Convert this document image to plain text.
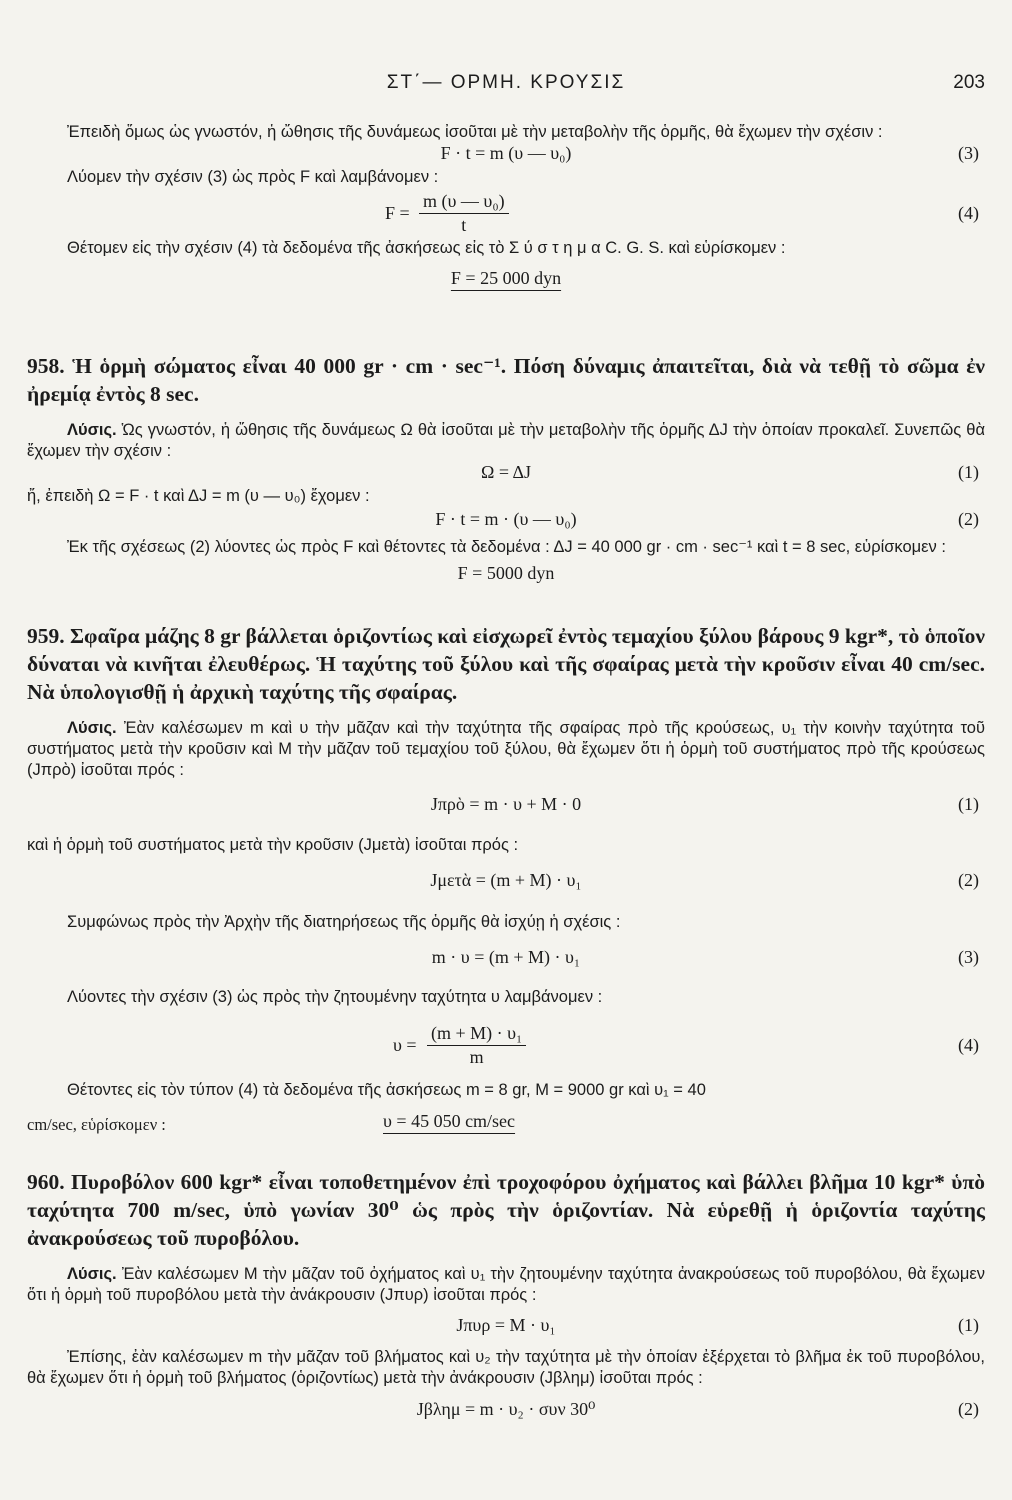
ΣΤ΄— ΟΡΜΗ. ΚΡΟΥΣΙΣ	203

Ἐπειδὴ ὅμως ὡς γνωστόν, ἡ ὤθησις τῆς δυνάμεως ἰσοῦται μὲ τὴν μεταβολὴν τῆς ὁρμῆς, θὰ ἔχωμεν τὴν σχέσιν :

F · t = m (υ — υ₀)	(3)

Λύομεν τὴν σχέσιν (3) ὡς πρὸς F καὶ λαμβάνομεν :

$F = \frac{\text{m (υ — υ₀)}}{t}$	(4)

Θέτομεν εἰς τὴν σχέσιν (4) τὰ δεδομένα τῆς ἀσκήσεως εἰς τὸ Σ ύ σ τ η μ α C. G. S. καὶ εὑρίσκομεν :

F = 25 000 dyn

958. Ἡ ὁρμὴ σώματος εἶναι 40 000 gr · cm · sec⁻¹. Πόση δύναμις ἀπαιτεῖται, διὰ νὰ τεθῇ τὸ σῶμα ἐν ἠρεμίᾳ ἐντὸς 8 sec.

Λύσις. Ὡς γνωστόν, ἡ ὤθησις τῆς δυνάμεως Ω θὰ ἰσοῦται μὲ τὴν μεταβολὴν τῆς ὁρμῆς ΔJ τὴν ὁποίαν προκαλεῖ. Συνεπῶς θὰ ἔχωμεν τὴν σχέσιν :

Ω = ΔJ	(1)

ἤ, ἐπειδὴ Ω = F · t καὶ ΔJ = m (υ — υ₀) ἔχομεν :

F · t = m · (υ — υ₀)	(2)

Ἐκ τῆς σχέσεως (2) λύοντες ὡς πρὸς F καὶ θέτοντες τὰ δεδομένα : ΔJ = 40 000 gr · cm · sec⁻¹ καὶ t = 8 sec, εὑρίσκομεν :

F = 5000 dyn

959. Σφαῖρα μάζης 8 gr βάλλεται ὁριζοντίως καὶ εἰσχωρεῖ ἐντὸς τεμαχίου ξύλου βάρους 9 kgr*, τὸ ὁποῖον δύναται νὰ κινῆται ἐλευθέρως. Ἡ ταχύτης τοῦ ξύλου καὶ τῆς σφαίρας μετὰ τὴν κροῦσιν εἶναι 40 cm/sec. Νὰ ὑπολογισθῇ ἡ ἀρχικὴ ταχύτης τῆς σφαίρας.

Λύσις. Ἐὰν καλέσωμεν m καὶ υ τὴν μᾶζαν καὶ τὴν ταχύτητα τῆς σφαίρας πρὸ τῆς κρούσεως, υ₁ τὴν κοινὴν ταχύτητα τοῦ συστήματος μετὰ τὴν κροῦσιν καὶ M τὴν μᾶζαν τοῦ τεμαχίου τοῦ ξύλου, θὰ ἔχωμεν ὅτι ἡ ὁρμὴ τοῦ συστήματος πρὸ τῆς κρούσεως (Jπρὸ) ἰσοῦται πρός :

Jπρὸ = m · υ + M · 0	(1)

καὶ ἡ ὁρμὴ τοῦ συστήματος μετὰ τὴν κροῦσιν (Jμετὰ) ἰσοῦται πρός :

Jμετὰ = (m + M) · υ₁	(2)

Συμφώνως πρὸς τὴν Ἀρχὴν τῆς διατηρήσεως τῆς ὁρμῆς θὰ ἰσχύῃ ἡ σχέσις :

m · υ = (m + M) · υ₁	(3)

Λύοντες τὴν σχέσιν (3) ὡς πρὸς τὴν ζητουμένην ταχύτητα υ λαμβάνομεν :

$\upsilon = \frac{\text{(m + M) · υ₁}}{m}$	(4)

Θέτοντες εἰς τὸν τύπον (4) τὰ δεδομένα τῆς ἀσκήσεως m = 8 gr, M = 9000 gr καὶ υ₁ = 40

cm/sec, εὑρίσκομεν :	υ = 45 050 cm/sec

960. Πυροβόλον 600 kgr* εἶναι τοποθετημένον ἐπὶ τροχοφόρου ὀχήματος καὶ βάλλει βλῆμα 10 kgr* ὑπὸ ταχύτητα 700 m/sec, ὑπὸ γωνίαν 30⁰ ὡς πρὸς τὴν ὁριζοντίαν. Νὰ εὑρεθῇ ἡ ὁριζοντία ταχύτης ἀνακρούσεως τοῦ πυροβόλου.

Λύσις. Ἐὰν καλέσωμεν M τὴν μᾶζαν τοῦ ὀχήματος καὶ υ₁ τὴν ζητουμένην ταχύτητα ἀνακρούσεως τοῦ πυροβόλου, θὰ ἔχωμεν ὅτι ἡ ὁρμὴ τοῦ πυροβόλου μετὰ τὴν ἀνάκρουσιν (Jπυρ) ἰσοῦται πρός :

Jπυρ = M · υ₁	(1)

Ἐπίσης, ἐὰν καλέσωμεν m τὴν μᾶζαν τοῦ βλήματος καὶ υ₂ τὴν ταχύτητα μὲ τὴν ὁποίαν ἐξέρχεται τὸ βλῆμα ἐκ τοῦ πυροβόλου, θὰ ἔχωμεν ὅτι ἡ ὁρμὴ τοῦ βλήματος (ὁριζοντίως) μετὰ τὴν ἀνάκρουσιν (Jβλημ) ἰσοῦται πρός :

Jβλημ = m · υ₂ · συν 30⁰	(2)
